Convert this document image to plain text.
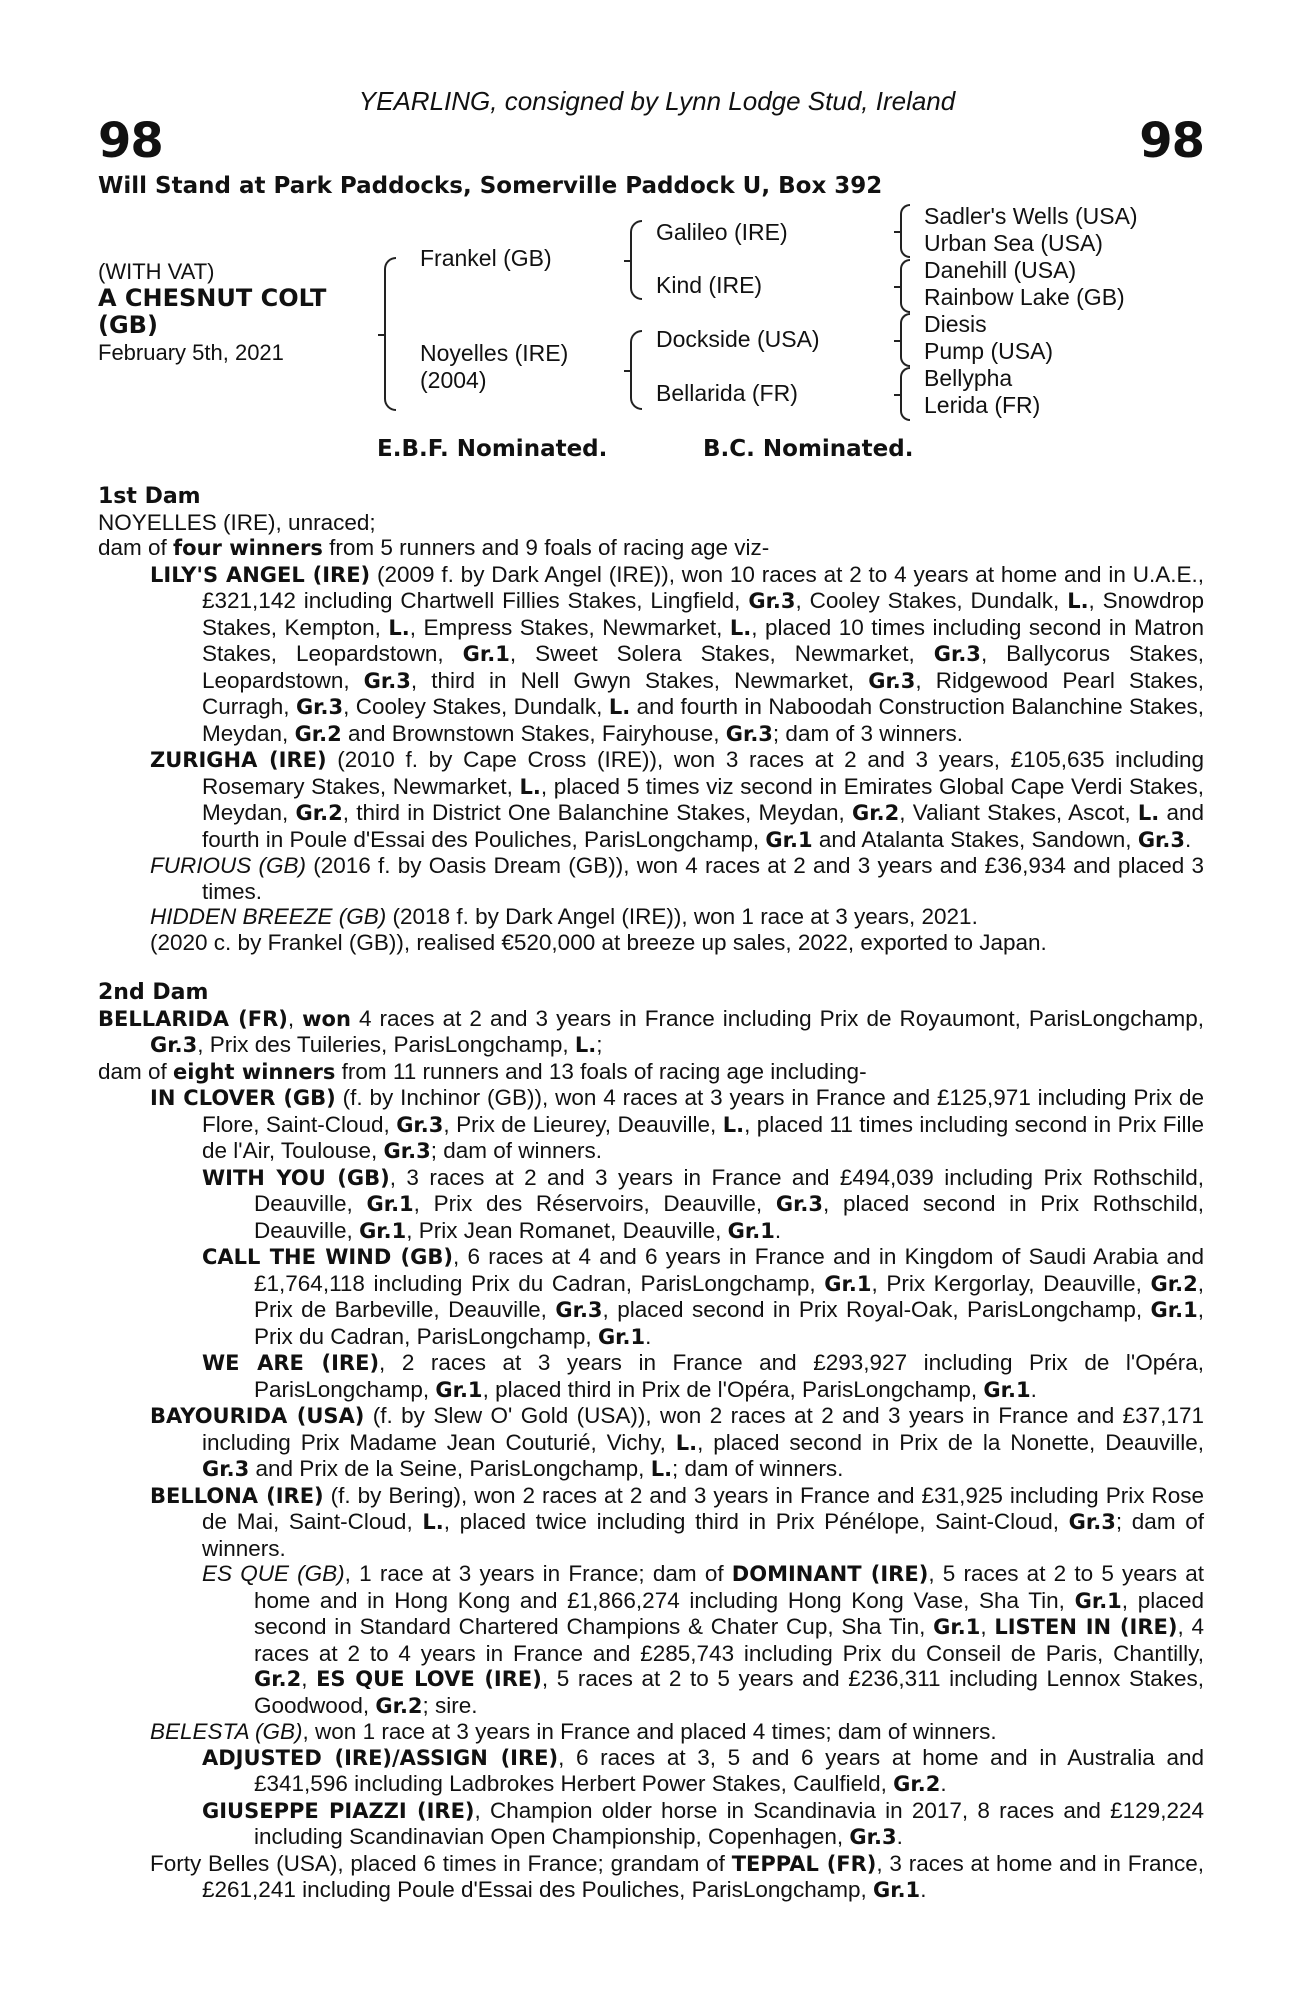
YEARLING, consigned by Lynn Lodge Stud, Ireland
98	98
Will Stand at Park Paddocks, Somerville Paddock U, Box 392
(WITH VAT)
A CHESNUT COLT
(GB)
February 5th, 2021
Frankel (GB)
Noyelles (IRE)
(2004)
Galileo (IRE)
Kind (IRE)
Dockside (USA)
Bellarida (FR)
Sadler's Wells (USA)
Urban Sea (USA)
Danehill (USA)
Rainbow Lake (GB)
Diesis
Pump (USA)
Bellypha
Lerida (FR)
E.B.F. Nominated.	B.C. Nominated.
1st Dam
NOYELLES (IRE), unraced;
dam of four winners from 5 runners and 9 foals of racing age viz-
LILY'S ANGEL (IRE) (2009 f. by Dark Angel (IRE)), won 10 races at 2 to 4 years at home and in U.A.E., £321,142 including Chartwell Fillies Stakes, Lingfield, Gr.3, Cooley Stakes, Dundalk, L., Snowdrop Stakes, Kempton, L., Empress Stakes, Newmarket, L., placed 10 times including second in Matron Stakes, Leopardstown, Gr.1, Sweet Solera Stakes, Newmarket, Gr.3, Ballycorus Stakes, Leopardstown, Gr.3, third in Nell Gwyn Stakes, Newmarket, Gr.3, Ridgewood Pearl Stakes, Curragh, Gr.3, Cooley Stakes, Dundalk, L. and fourth in Naboodah Construction Balanchine Stakes, Meydan, Gr.2 and Brownstown Stakes, Fairyhouse, Gr.3; dam of 3 winners.
ZURIGHA (IRE) (2010 f. by Cape Cross (IRE)), won 3 races at 2 and 3 years, £105,635 including Rosemary Stakes, Newmarket, L., placed 5 times viz second in Emirates Global Cape Verdi Stakes, Meydan, Gr.2, third in District One Balanchine Stakes, Meydan, Gr.2, Valiant Stakes, Ascot, L. and fourth in Poule d'Essai des Pouliches, ParisLongchamp, Gr.1 and Atalanta Stakes, Sandown, Gr.3.
FURIOUS (GB) (2016 f. by Oasis Dream (GB)), won 4 races at 2 and 3 years and £36,934 and placed 3 times.
HIDDEN BREEZE (GB) (2018 f. by Dark Angel (IRE)), won 1 race at 3 years, 2021.
(2020 c. by Frankel (GB)), realised €520,000 at breeze up sales, 2022, exported to Japan.
2nd Dam
BELLARIDA (FR), won 4 races at 2 and 3 years in France including Prix de Royaumont, ParisLongchamp, Gr.3, Prix des Tuileries, ParisLongchamp, L.;
dam of eight winners from 11 runners and 13 foals of racing age including-
IN CLOVER (GB) (f. by Inchinor (GB)), won 4 races at 3 years in France and £125,971 including Prix de Flore, Saint-Cloud, Gr.3, Prix de Lieurey, Deauville, L., placed 11 times including second in Prix Fille de l'Air, Toulouse, Gr.3; dam of winners.
WITH YOU (GB), 3 races at 2 and 3 years in France and £494,039 including Prix Rothschild, Deauville, Gr.1, Prix des Réservoirs, Deauville, Gr.3, placed second in Prix Rothschild, Deauville, Gr.1, Prix Jean Romanet, Deauville, Gr.1.
CALL THE WIND (GB), 6 races at 4 and 6 years in France and in Kingdom of Saudi Arabia and £1,764,118 including Prix du Cadran, ParisLongchamp, Gr.1, Prix Kergorlay, Deauville, Gr.2, Prix de Barbeville, Deauville, Gr.3, placed second in Prix Royal-Oak, ParisLongchamp, Gr.1, Prix du Cadran, ParisLongchamp, Gr.1.
WE ARE (IRE), 2 races at 3 years in France and £293,927 including Prix de l'Opéra, ParisLongchamp, Gr.1, placed third in Prix de l'Opéra, ParisLongchamp, Gr.1.
BAYOURIDA (USA) (f. by Slew O' Gold (USA)), won 2 races at 2 and 3 years in France and £37,171 including Prix Madame Jean Couturié, Vichy, L., placed second in Prix de la Nonette, Deauville, Gr.3 and Prix de la Seine, ParisLongchamp, L.; dam of winners.
BELLONA (IRE) (f. by Bering), won 2 races at 2 and 3 years in France and £31,925 including Prix Rose de Mai, Saint-Cloud, L., placed twice including third in Prix Pénélope, Saint-Cloud, Gr.3; dam of winners.
ES QUE (GB), 1 race at 3 years in France; dam of DOMINANT (IRE), 5 races at 2 to 5 years at home and in Hong Kong and £1,866,274 including Hong Kong Vase, Sha Tin, Gr.1, placed second in Standard Chartered Champions & Chater Cup, Sha Tin, Gr.1, LISTEN IN (IRE), 4 races at 2 to 4 years in France and £285,743 including Prix du Conseil de Paris, Chantilly, Gr.2, ES QUE LOVE (IRE), 5 races at 2 to 5 years and £236,311 including Lennox Stakes, Goodwood, Gr.2; sire.
BELESTA (GB), won 1 race at 3 years in France and placed 4 times; dam of winners.
ADJUSTED (IRE)/ASSIGN (IRE), 6 races at 3, 5 and 6 years at home and in Australia and £341,596 including Ladbrokes Herbert Power Stakes, Caulfield, Gr.2.
GIUSEPPE PIAZZI (IRE), Champion older horse in Scandinavia in 2017, 8 races and £129,224 including Scandinavian Open Championship, Copenhagen, Gr.3.
Forty Belles (USA), placed 6 times in France; grandam of TEPPAL (FR), 3 races at home and in France, £261,241 including Poule d'Essai des Pouliches, ParisLongchamp, Gr.1.
